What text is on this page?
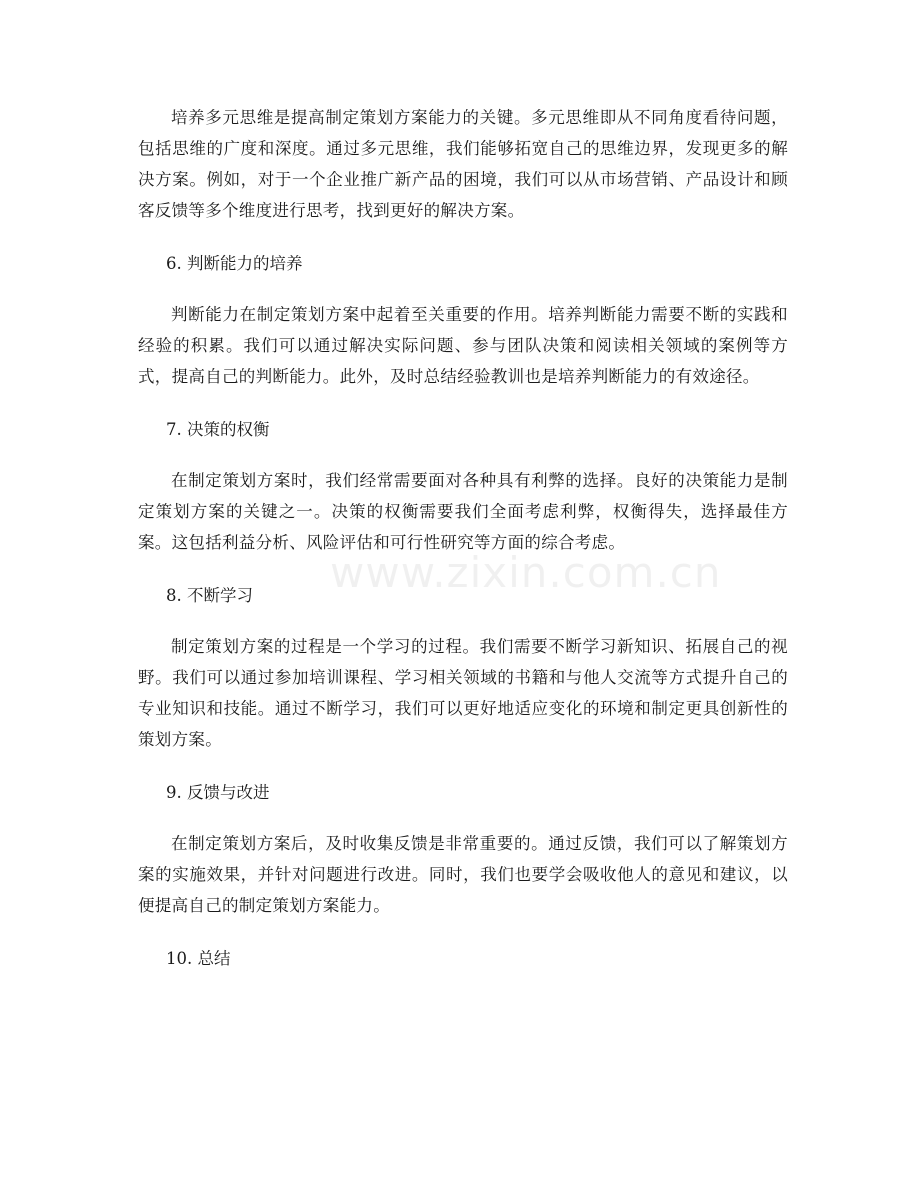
www.zixin.com.cn

培养多元思维是提高制定策划方案能力的关键。多元思维即从不同角度看待问题，包括思维的广度和深度。通过多元思维，我们能够拓宽自己的思维边界，发现更多的解决方案。例如，对于一个企业推广新产品的困境，我们可以从市场营销、产品设计和顾客反馈等多个维度进行思考，找到更好的解决方案。

6. 判断能力的培养

判断能力在制定策划方案中起着至关重要的作用。培养判断能力需要不断的实践和经验的积累。我们可以通过解决实际问题、参与团队决策和阅读相关领域的案例等方式，提高自己的判断能力。此外，及时总结经验教训也是培养判断能力的有效途径。

7. 决策的权衡

在制定策划方案时，我们经常需要面对各种具有利弊的选择。良好的决策能力是制定策划方案的关键之一。决策的权衡需要我们全面考虑利弊，权衡得失，选择最佳方案。这包括利益分析、风险评估和可行性研究等方面的综合考虑。

8. 不断学习

制定策划方案的过程是一个学习的过程。我们需要不断学习新知识、拓展自己的视野。我们可以通过参加培训课程、学习相关领域的书籍和与他人交流等方式提升自己的专业知识和技能。通过不断学习，我们可以更好地适应变化的环境和制定更具创新性的策划方案。

9. 反馈与改进

在制定策划方案后，及时收集反馈是非常重要的。通过反馈，我们可以了解策划方案的实施效果，并针对问题进行改进。同时，我们也要学会吸收他人的意见和建议，以便提高自己的制定策划方案能力。

10. 总结
